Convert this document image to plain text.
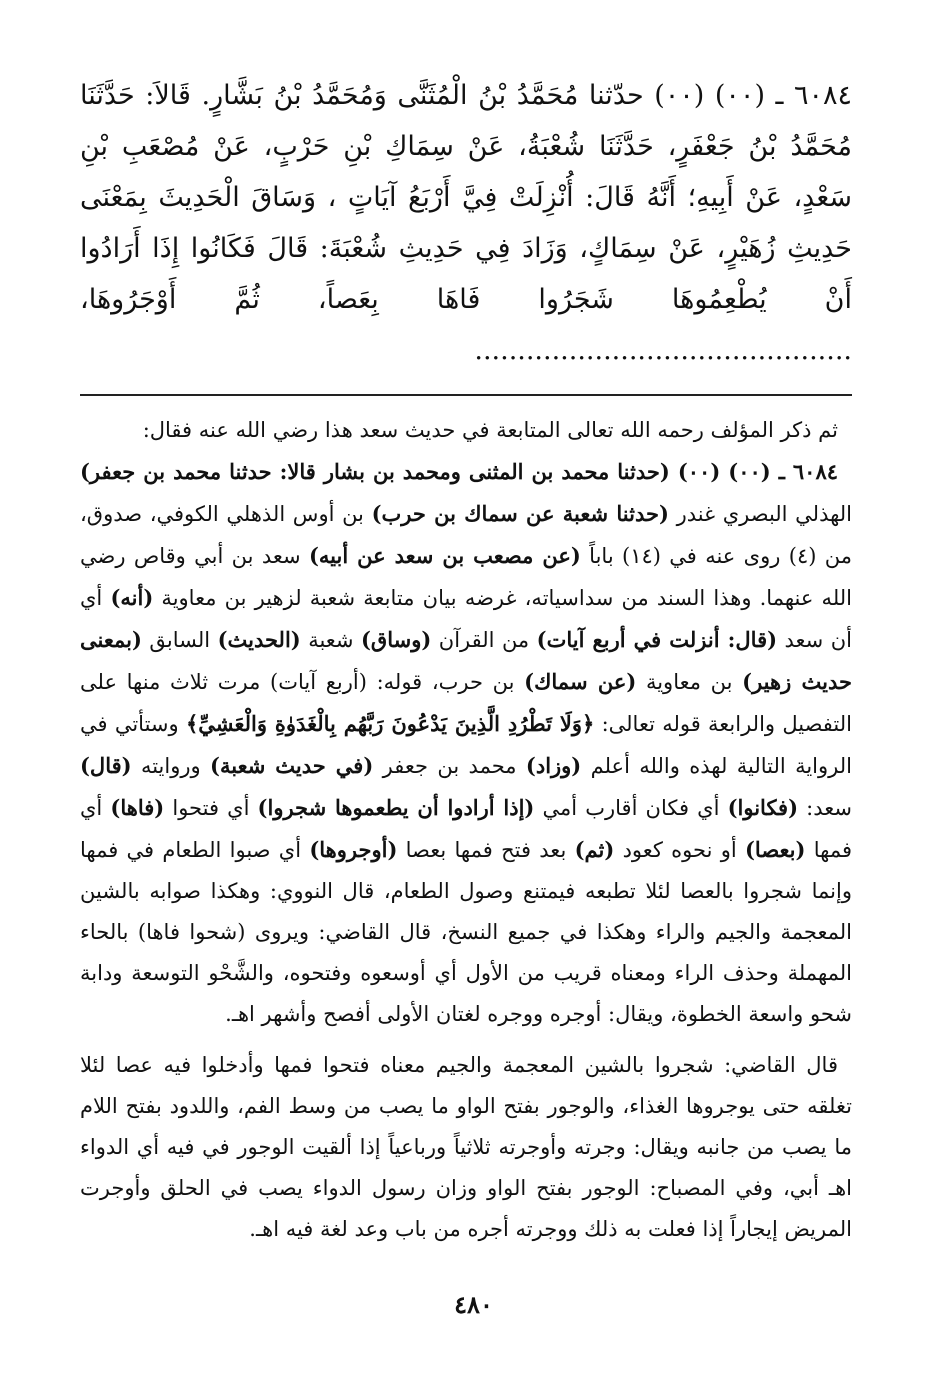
٦٠٨٤ ـ (٠٠) (٠٠) حدّثنا مُحَمَّدُ بْنُ الْمُثَنَّى وَمُحَمَّدُ بْنُ بَشَّارٍ. قَالاَ: حَدَّثَنَا مُحَمَّدُ بْنُ جَعْفَرٍ، حَدَّثَنَا شُعْبَةُ، عَنْ سِمَاكِ بْنِ حَرْبٍ، عَنْ مُصْعَبِ بْنِ سَعْدٍ، عَنْ أَبِيهِ؛ أَنَّهُ قَالَ: أُنْزِلَتْ فِيَّ أَرْبَعُ آيَاتٍ ، وَسَاقَ الْحَدِيثَ بِمَعْنَى حَدِيثِ زُهَيْرٍ، عَنْ سِمَاكٍ، وَزَادَ فِي حَدِيثِ شُعْبَةَ: قَالَ فَكَانُوا إِذَا أَرَادُوا أَنْ يُطْعِمُوهَا شَجَرُوا فَاهَا بِعَصاً، ثُمَّ أَوْجَرُوهَا، ............................................

ثم ذكر المؤلف رحمه الله تعالى المتابعة في حديث سعد هذا رضي الله عنه فقال:

٦٠٨٤ ـ (٠٠) (٠٠) (حدثنا محمد بن المثنى ومحمد بن بشار قالا: حدثنا محمد بن جعفر) الهذلي البصري غندر (حدثنا شعبة عن سماك بن حرب) بن أوس الذهلي الكوفي، صدوق، من (٤) روى عنه في (١٤) باباً (عن مصعب بن سعد عن أبيه) سعد بن أبي وقاص رضي الله عنهما. وهذا السند من سداسياته، غرضه بيان متابعة شعبة لزهير بن معاوية (أنه) أي أن سعد (قال: أنزلت في أربع آيات) من القرآن (وساق) شعبة (الحديث) السابق (بمعنى حديث زهير) بن معاوية (عن سماك) بن حرب، قوله: (أربع آيات) مرت ثلاث منها على التفصيل والرابعة قوله تعالى: ﴿وَلَا تَطْرُدِ الَّذِينَ يَدْعُونَ رَبَّهُم بِالْغَدَوٰةِ وَالْعَشِيِّ﴾ وستأتي في الرواية التالية لهذه والله أعلم (وزاد) محمد بن جعفر (في حديث شعبة) وروايته (قال) سعد: (فكانوا) أي فكان أقارب أمي (إذا أرادوا أن يطعموها شجروا) أي فتحوا (فاها) أي فمها (بعصا) أو نحوه كعود (ثم) بعد فتح فمها بعصا (أوجروها) أي صبوا الطعام في فمها وإنما شجروا بالعصا لئلا تطبعه فيمتنع وصول الطعام، قال النووي: وهكذا صوابه بالشين المعجمة والجيم والراء وهكذا في جميع النسخ، قال القاضي: ويروى (شحوا فاها) بالحاء المهملة وحذف الراء ومعناه قريب من الأول أي أوسعوه وفتحوه، والشَّحْو التوسعة ودابة شحو واسعة الخطوة، ويقال: أوجره ووجره لغتان الأولى أفصح وأشهر اهـ.

قال القاضي: شجروا بالشين المعجمة والجيم معناه فتحوا فمها وأدخلوا فيه عصا لئلا تغلقه حتى يوجروها الغذاء، والوجور بفتح الواو ما يصب من وسط الفم، واللدود بفتح اللام ما يصب من جانبه ويقال: وجرته وأوجرته ثلاثياً ورباعياً إذا ألقيت الوجور في فيه أي الدواء اهـ أبي، وفي المصباح: الوجور بفتح الواو وزان رسول الدواء يصب في الحلق وأوجرت المريض إيجاراً إذا فعلت به ذلك ووجرته أجره من باب وعد لغة فيه اهـ.

٤٨٠
